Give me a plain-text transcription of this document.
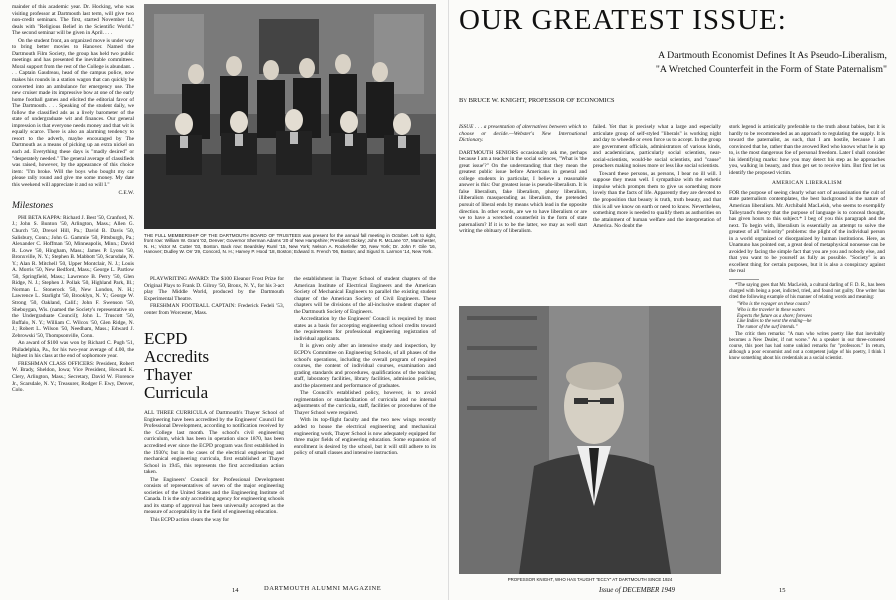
mainder of this academic year. Dr. Hocking, who was visiting professor at Dartmouth last term, will give two non-credit seminars. The first, started November 14, deals with "Religious Belief in the Scientific World." The second seminar will be given in April. . . .

On the student front, an organized move is under way to bring better movies to Hanover. Named the Dartmouth Film Society, the group has held two public meetings and has presented the inevitable committees. Moral support from the rest of the College is abundant. . . . Captain Gaudreau, head of the campus police, now makes his rounds in a station wagon that can quickly be converted into an ambulance for emergency use. The new cruiser made its impressive bow at one of the early home football games and elicited the editorial favor of The Dartmouth. . . . Speaking of the student daily, we follow the classified ads as a lively barometer of the state of undergraduate wit and finances. Our general impression is that everyone needs money and that wit is equally scarce. There is also an alarming tendency to resort to the adverb, maybe encouraged by The Dartmouth as a means of picking up an extra nickel on each ad. Everything these days is "madly desired" or "desperately needed." The general average of classifieds was raised, however, by the appearance of this choice item: "I'm broke. Will the boys who bought my car please rally round and give me some money. My date this weekend will appreciate it and so will I."

C.E.W.
Milestones

PHI BETA KAPPA: Richard J. Best '50, Cranford, N. J.; John S. Bunton '50, Arlington, Mass.; Allen G. Church '50, Drexel Hill, Pa.; David B. Davis '50, Salisbury, Conn.; John G. Gammie '50, Pittsburgh, Pa.; Alexander C. Hoffman '50, Minneapolis, Minn.; David R. Lowe '50, Hingham, Mass.; James P. Lyons '50, Bronxville, N. Y.; Stephen B. Mabbott '50, Scarsdale, N. Y.; Alan R. Mitchell '50, Upper Montclair, N. J.; Louis A. Morris '50, New Bedford, Mass.; George L. Partlow '50, Springfield, Mass.; Lawrence B. Perry '50, Glen Ridge, N. J.; Stephen J. Pollak '50, Highland Park, Ill.; Norman L. Stonerock '50, New London, N. H.; Lawrence L. Starlight '50, Brooklyn, N. Y.; George W. Strong '50, Oakland, Calif.; John F. Swenson '50, Sheboygan, Wis. (named the Society's representative on the Undergraduate Council); John L. Truscott '50, Buffalo, N. Y.; William C. Wilcox '50, Glen Ridge, N. J.; Robert L. Wilson '50, Needham, Mass.; Edward J. Zebrowski '50, Thompsonville, Conn.

An award of $100 was won by Richard C. Pugh '51, Philadelphia, Pa., for his two-year average of 4.00, the highest in his class at the end of sophomore year.

FRESHMAN CLASS OFFICERS: President, Robert W. Brady, Sheldon, Iowa; Vice President, Howard K. Clery, Arlington, Mass.; Secretary, David W. Florence Jr., Scarsdale, N. Y.; Treasurer, Rodger F. Ewy, Denver, Colo.

THE FULL MEMBERSHIP OF THE DARTMOUTH BOARD OF TRUSTEES was present for the annual fall meeting in October. Left to right, front row: William W. Grant '02, Denver; Governor Sherman Adams '20 of New Hampshire; President Dickey; John R. McLane '07, Manchester, N. H.; Victor M. Cutter '03, Boston. Back row: Beardsley Ruml '15, New York; Nelson A. Rockefeller '30, New York; Dr. John F. Gile '16, Hanover; Dudley W. Orr '29, Concord, N. H.; Harvey P. Hood '18, Boston; Edward S. French '06, Boston; and Sigurd S. Larmon '14, New York.

PLAYWRITING AWARD: The $100 Eleanor Frost Prize for Original Plays to Frank D. Gilroy '50, Bronx, N. Y., for his 3-act play The Middle World, produced by the Dartmouth Experimental Theatre.

FRESHMAN FOOTBALL CAPTAIN: Frederick Fedeli '53, center from Worcester, Mass.

ECPD Accredits Thayer Curricula

ALL THREE CURRICULA of Dartmouth's Thayer School of Engineering have been accredited by the Engineers' Council for Professional Development, according to notification received by the College last month. The school's civil engineering curriculum, which has been in operation since 1870, has been accredited ever since the ECPD program was first established in the 1930's; but in the cases of the electrical engineering and mechanical engineering curricula, first established at Thayer School in 1945, this represents the first accreditation action taken.

The Engineers' Council for Professional Development consists of representatives of seven of the major engineering societies of the United States and the Engineering Institute of Canada. It is the only accrediting agency for engineering schools and its stamp of approval has been universally accepted as the measure of acceptability in the field of engineering education.

This ECPD action clears the way for

the establishment in Thayer School of student chapters of the American Institute of Electrical Engineers and the American Society of Mechanical Engineers to parallel the existing student chapter of the American Society of Civil Engineers. These chapters will be divisions of the all-inclusive student chapter of the Dartmouth Society of Engineers.

Accreditation by the Engineers' Council is required by most states as a basis for accepting engineering school credits toward the requirements for professional engineering registration of individual applicants.

It is given only after an intensive study and inspection, by ECPD's Committee on Engineering Schools, of all phases of the school's operations, including the overall program of required courses, the content of individual courses, examination and grading standards and procedures, qualifications of the teaching staff, laboratory facilities, library facilities, admission policies, and the placement and performance of graduates.

The Council's established policy, however, is to avoid regimentation or standardization of curricula and no internal adjustments of the curricula, staff, facilities or procedures of the Thayer School were required.

With its top-flight faculty and the two new wings recently added to house the electrical engineering and mechanical engineering work, Thayer School is now adequately equipped for three major fields of engineering education. Some expansion of enrollment is desired by the school, but it will still adhere to its policy of small classes and intensive instruction.

14	DARTMOUTH ALUMNI MAGAZINE
OUR GREATEST ISSUE:
A Dartmouth Economist Defines It As Pseudo-Liberalism,
"A Wretched Counterfeit in the Form of State Paternalism"
By BRUCE W. KNIGHT, PROFESSOR OF ECONOMICS

ISSUE . . . a presentation of alternatives between which to choose or decide.—Webster's New International Dictionary.

DARTMOUTH SENIORS occasionally ask me, perhaps because I am a teacher in the social sciences, "What is 'the great issue'?" On the understanding that they mean the greatest public issue before Americans in general and college students in particular, I believe a reasonable answer is this: Our greatest issue is pseudo-liberalism. It is false liberalism, fake liberalism, phony liberalism, illiberalism masquerading as liberalism, the pretended pursuit of liberal ends by means which lead in the opposite direction. In other words, are we to have liberalism or are we to have a wretched counterfeit in the form of state paternalism? If it is to be the latter, we may as well start writing the obituary of liberalism.

failed. Yet that is precisely what a large and especially articulate group of self-styled "liberals" is working night and day to wheedle or even force us to accept. In the group are government officials, administrators of various kinds, and academicians, particularly social scientists, near-social-scientists, would-be social scientists, and "cause" preachers making noises more or less like social scientists.

Toward these persons, as persons, I bear no ill will. I suppose they mean well. I sympathize with the esthetic impulse which prompts them to give us something more lovely than the facts of life. Apparently they are devoted to the proposition that beauty is truth, truth beauty, and that this is all we know on earth or need to know. Nevertheless, something more is needed to qualify them as authorities on the attainment of human welfare and the interpretation of America. No doubt the

stork legend is artistically preferable to the truth about babies, but it is hardly to be recommended as an approach to regulating the supply. It is toward the paternalist, as such, that I am hostile, because I am convinced that he, rather than the avowed Red who knows what he is up to, is the most dangerous foe of personal freedom. Later I shall consider his identifying marks: how you may detect his step as he approaches you, walking in beauty, and thus get set to receive him. But first let us identify the proposed victim.

AMERICAN LIBERALISM

FOR the purpose of seeing clearly what sort of assassination the cult of state paternalism contemplates, the best background is the nature of American liberalism. Mr. Archibald MacLeish, who seems to exemplify Talleyrand's theory that the purpose of language is to conceal thought, has given hours to this subject.* I beg of you this paragraph and the next. To begin with, liberalism is essentially an attempt to solve the greatest of all "minority" problems: the plight of the individual person in a world organized or disorganized by human institutions. Here, as Unamuno has pointed out, a great deal of metaphysical nonsense can be avoided by facing the simple fact that you are you and nobody else, and that you want to be yourself as fully as possible. "Society" is an excellent thing for certain purposes, but it is also a conspiracy against the real

*The saying goes that Mr. MacLeish, a cultural darling of F. D. R., has been charged with being a poet, indicted, tried, and found not guilty. One writer has cited the following example of his manner of relating words and meaning:

"Who is the voyager on these coasts?
Who is the traveler in these waters
Expects the future as a shore; foresees
Like Indies to the west the ending—he
The rumor of the surf intends."

The critic then remarks: "A man who writes poetry like that inevitably becomes a New Dealer, if not worse." As a speaker in our three-cornered course, this poet has had some unkind remarks for "professors." In return, although a poor economist and not a competent judge of his poetry, I think I know something about his credentials as a social scientist.

PROFESSOR KNIGHT, WHO HAS TAUGHT "ECCY" AT DARTMOUTH SINCE 1924
Issue of DECEMBER 1949	15
